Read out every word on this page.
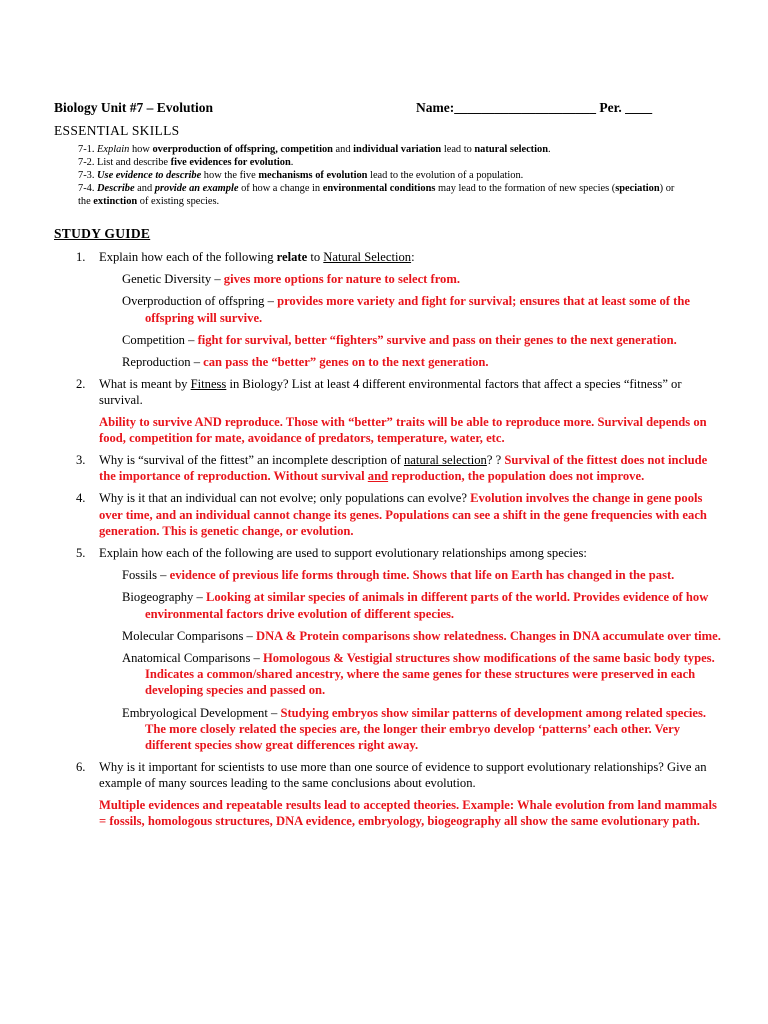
Biology Unit #7 – Evolution	Name:_____________________ Per. ____
ESSENTIAL SKILLS
7-1. Explain how overproduction of offspring, competition and individual variation lead to natural selection.
7-2. List and describe five evidences for evolution.
7-3. Use evidence to describe how the five mechanisms of evolution lead to the evolution of a population.
7-4. Describe and provide an example of how a change in environmental conditions may lead to the formation of new species (speciation) or the extinction of existing species.
STUDY GUIDE
1. Explain how each of the following relate to Natural Selection:
Genetic Diversity – gives more options for nature to select from.
Overproduction of offspring – provides more variety and fight for survival; ensures that at least some of the offspring will survive.
Competition – fight for survival, better “fighters” survive and pass on their genes to the next generation.
Reproduction – can pass the “better” genes on to the next generation.
2. What is meant by Fitness in Biology? List at least 4 different environmental factors that affect a species “fitness” or survival.
Ability to survive AND reproduce. Those with “better” traits will be able to reproduce more. Survival depends on food, competition for mate, avoidance of predators, temperature, water, etc.
3. Why is “survival of the fittest” an incomplete description of natural selection? ? Survival of the fittest does not include the importance of reproduction. Without survival and reproduction, the population does not improve.
4. Why is it that an individual can not evolve; only populations can evolve? Evolution involves the change in gene pools over time, and an individual cannot change its genes. Populations can see a shift in the gene frequencies with each generation. This is genetic change, or evolution.
5. Explain how each of the following are used to support evolutionary relationships among species:
Fossils – evidence of previous life forms through time. Shows that life on Earth has changed in the past.
Biogeography – Looking at similar species of animals in different parts of the world. Provides evidence of how environmental factors drive evolution of different species.
Molecular Comparisons – DNA & Protein comparisons show relatedness. Changes in DNA accumulate over time.
Anatomical Comparisons – Homologous & Vestigial structures show modifications of the same basic body types. Indicates a common/shared ancestry, where the same genes for these structures were preserved in each developing species and passed on.
Embryological Development – Studying embryos show similar patterns of development among related species. The more closely related the species are, the longer their embryo develop ‘patterns’ each other. Very different species show great differences right away.
6. Why is it important for scientists to use more than one source of evidence to support evolutionary relationships? Give an example of many sources leading to the same conclusions about evolution.
Multiple evidences and repeatable results lead to accepted theories. Example: Whale evolution from land mammals = fossils, homologous structures, DNA evidence, embryology, biogeography all show the same evolutionary path.
